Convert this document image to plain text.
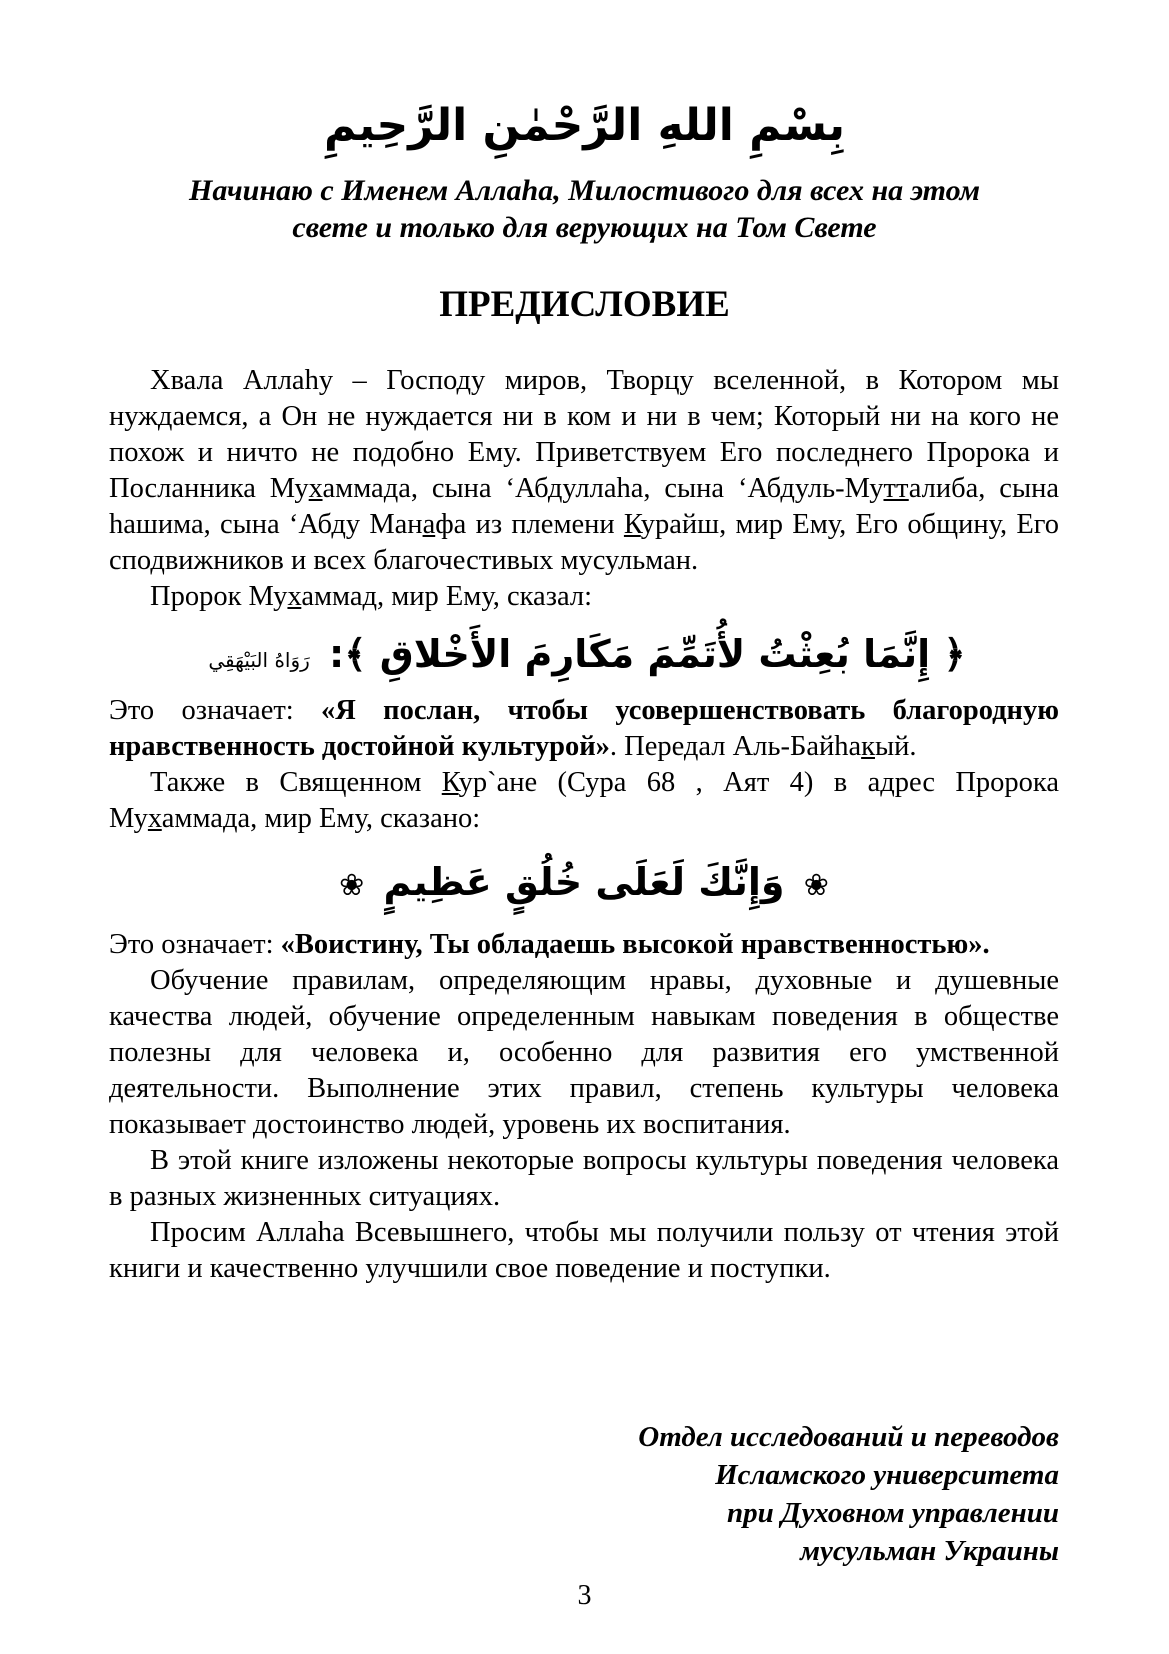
بِسْمِ اللهِ الرَّحْمٰنِ الرَّحِيمِ
Начинаю с Именем Аллаhа, Милостивого для всех на этом
свете и только для верующих на Том Свете
ПРЕДИСЛОВИЕ

Хвала Аллаhу – Господу миров, Творцу вселенной, в Котором мы нуждаемся, а Он не нуждается ни в ком и ни в чем; Который ни на кого не похож и ничто не подобно Ему. Приветствуем Его последнего Пророка и Посланника Мухаммада, сына ‘Абдуллаhа, сына ‘Абдуль-Мутталиба, сына hашима, сына ‘Абду Манафа из племени Курайш, мир Ему, Его общину, Его сподвижников и всех благочестивых мусульман.

Пророк Мухаммад, мир Ему, сказал:

﴿ إِنَّمَا بُعِثْتُ لأُتَمِّمَ مَكَارِمَ الأَخْلاقِ ﴾: رَوَاهُ البَيْهَقِي

Это означает: «Я послан, чтобы усовершенствовать благородную нравственность достойной культурой». Передал Аль-Байhакый.

Также в Священном Кур`ане (Сура 68 , Аят 4) в адрес Пророка Мухаммада, мир Ему, сказано:

❀ وَإِنَّكَ لَعَلَى خُلُقٍ عَظِيمٍ ❀

Это означает: «Воистину, Ты обладаешь высокой нравственностью».

Обучение правилам, определяющим нравы, духовные и душевные качества людей, обучение определенным навыкам поведения в обществе полезны для человека и, особенно для развития его умственной деятельности. Выполнение этих правил, степень культуры человека показывает достоинство людей, уровень их воспитания.

В этой книге изложены некоторые вопросы культуры поведения человека в разных жизненных ситуациях.

Просим Аллаhа Всевышнего, чтобы мы получили пользу от чтения этой книги и качественно улучшили свое поведение и поступки.

Отдел исследований и переводов
Исламского университета
при Духовном управлении
мусульман Украины
3
